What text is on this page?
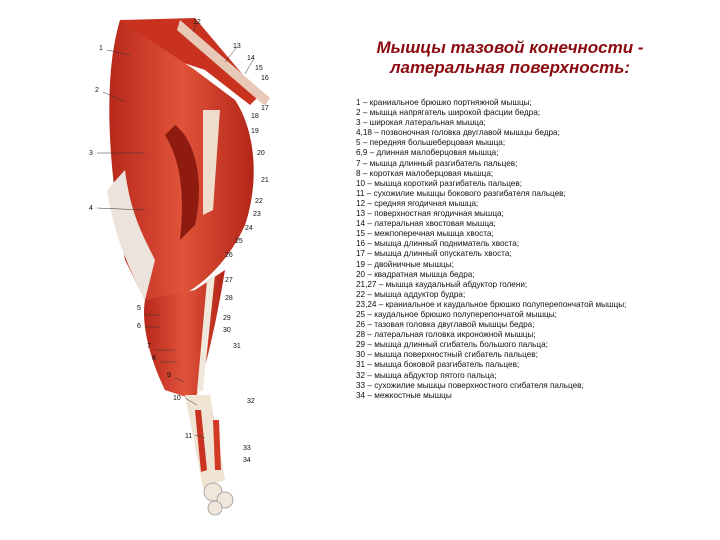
1
2
3
4
5
6
7
8
9
10
11
12
13
14
15
16
17
18
19
20
21
22
23
24
25
26
27
28
29
30
31
32
33
34
Мышцы тазовой конечности -
латеральная поверхность:
1 – краниальное брюшко портняжной мышцы;
2 – мышца напрягатель широкой фасции бедра;
3 – широкая латеральная мышца;
4,18 – позвоночная головка двуглавой мышцы бедра;
5 – передняя большеберцовая мышца;
6,9 – длинная малоберцовая мышца;
7 – мышца длинный разгибатель пальцев;
8 – короткая малоберцовая мышца;
10 – мышца короткий разгибатель пальцев;
11 – сухожилие мышцы бокового разгибателя пальцев;
12 – средняя ягодичная мышца;
13 – поверхностная ягодичная мышца;
14 – латеральная хвостовая мышца;
15 – межпоперечная мышца хвоста;
16 – мышца длинный подниматель хвоста;
17 – мышца длинный опускатель хвоста;
19 – двойничные мышцы;
20 – квадратная мышца бедра;
21,27 – мышца каудальный абдуктор голени;
22 – мышца аддуктор будра;
23,24 – краниальное и каудальное брюшко полуперепончатой мышцы;
25 – каудальное брюшко полуперепончатой мышцы;
26 – тазовая головка двуглавой мышцы бедра;
28 – латеральная головка икроножной мышцы;
29 – мышца длинный сгибатель большого пальца;
30 – мышца поверхностный сгибатель пальцев;
31 – мышца боковой разгибатель пальцев;
32 – мышца абдуктор пятого пальца;
33 – сухожилие мышцы поверхностного сгибателя пальцев;
34 – межкостные мышцы
